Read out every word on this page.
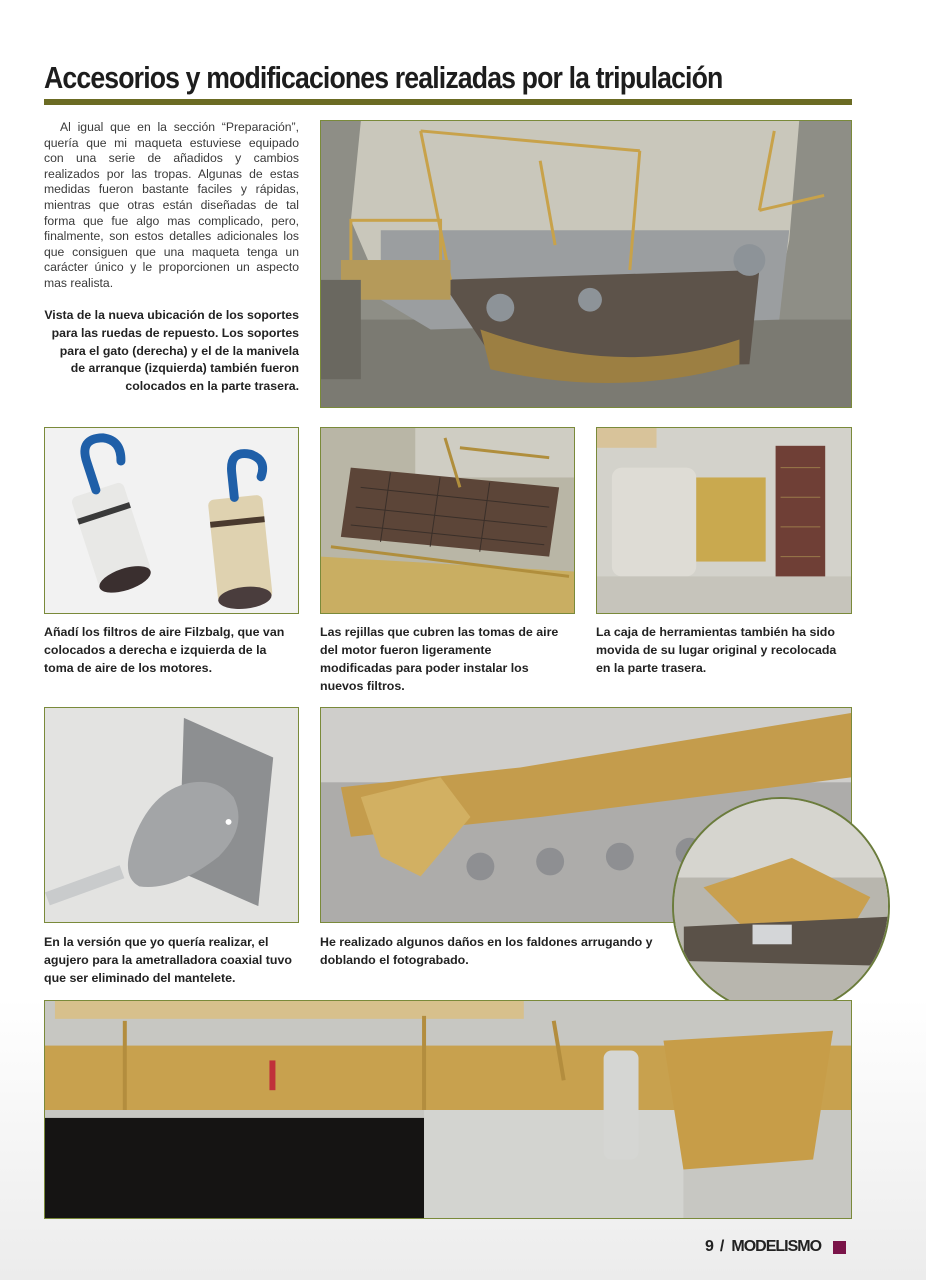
Accesorios y modificaciones realizadas por la tripulación
Al igual que en la sección “Preparación”, quería que mi maqueta estuviese equipado con una serie de añadidos y cambios realizados por las tropas. Algunas de estas medidas fueron bastante faciles y rápidas, mientras que otras están diseñadas de tal forma que fue algo mas complicado, pero, finalmente, son estos detalles adicionales los que consiguen que una maqueta tenga un carácter único y le proporcionen un aspecto mas realista.
Vista de la nueva ubicación de los soportes para las ruedas de repuesto. Los soportes para el gato (derecha) y el de la manivela de arranque (izquierda) también fueron colocados en la parte trasera.
Añadí los filtros de aire Filzbalg, que van colocados a derecha e izquierda de la toma de aire de los motores.
Las rejillas que cubren las tomas de aire del motor fueron ligeramente modificadas para poder instalar los nuevos filtros.
La caja de herramientas también ha sido movida de su lugar original y recolocada en la parte trasera.
En la versión que yo quería realizar, el agujero para la ametralladora coaxial tuvo que ser eliminado del mantelete.
He realizado algunos daños en los faldones arrugando y doblando el fotograbado.
9 / MODELISMO
